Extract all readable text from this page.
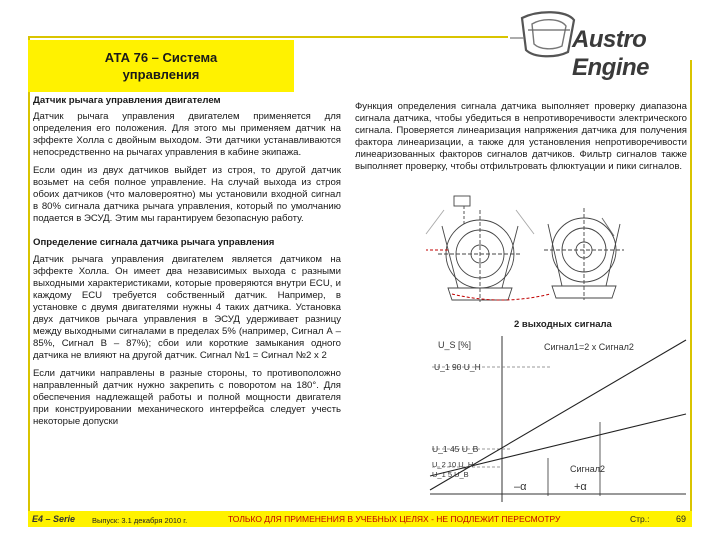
АТА 76 – Система
управления
Austro Engine
Датчик рычага управления двигателем

Датчик рычага управления двигателем применяется для определения его положения. Для этого мы применяем датчик на эффекте Холла с двойным выходом. Эти датчики устанавливаются непосредственно на рычагах управления в кабине экипажа.

Если один из двух датчиков выйдет из строя, то другой датчик возьмет на себя полное управление. На случай выхода из строя обоих датчиков (что маловероятно) мы установили входной сигнал в 80% сигнала датчика рычага управления, который по умолчанию подается в ЭСУД. Этим мы гарантируем безопасную работу.

Определение сигнала датчика рычага управления

Датчик рычага управления двигателем является датчиком на эффекте Холла. Он имеет два независимых выхода с разными выходными характеристиками, которые проверяются внутри ECU, и каждому ECU требуется собственный датчик. Например, в установке с двумя двигателями нужны 4 таких датчика. Установка двух датчиков рычага управления в ЭСУД удерживает разницу между выходными сигналами в пределах 5% (например, Сигнал А – 85%, Сигнал В – 87%); сбои или короткие замыкания одного датчика не влияют на другой датчик. Сигнал №1 = Сигнал №2 х 2

Если датчики направлены в разные стороны, то противоположно направленный датчик нужно закрепить с поворотом на 180°. Для обеспечения надлежащей работы и полной мощности двигателя при конструировании механического интерфейса следует учесть некоторые допуски

Функция определения сигнала датчика выполняет проверку диапазона сигнала датчика, чтобы убедиться в непротиворечивости электрического сигнала. Проверяется линеаризация напряжения датчика для получения фактора линеаризации, а также для установления непротиворечивости линеаризованных факторов сигналов датчиков. Фильтр сигналов также выполняет проверку, чтобы отфильтровать флюктуации и пики сигналов.
2 выходных сигнала
U_S [%]	Сигнал1=2 x Сигнал2
U_1 90 U_H
U_1 45 U_B
U_2 10 U_H
U_1 5 U_B
Сигнал2
–α	+α
E4 – Serie Выпуск: 3.1 декабря 2010 г.	ТОЛЬКО ДЛЯ ПРИМЕНЕНИЯ В УЧЕБНЫХ ЦЕЛЯХ - НЕ ПОДЛЕЖИТ ПЕРЕСМОТРУ	Стр.:	69
